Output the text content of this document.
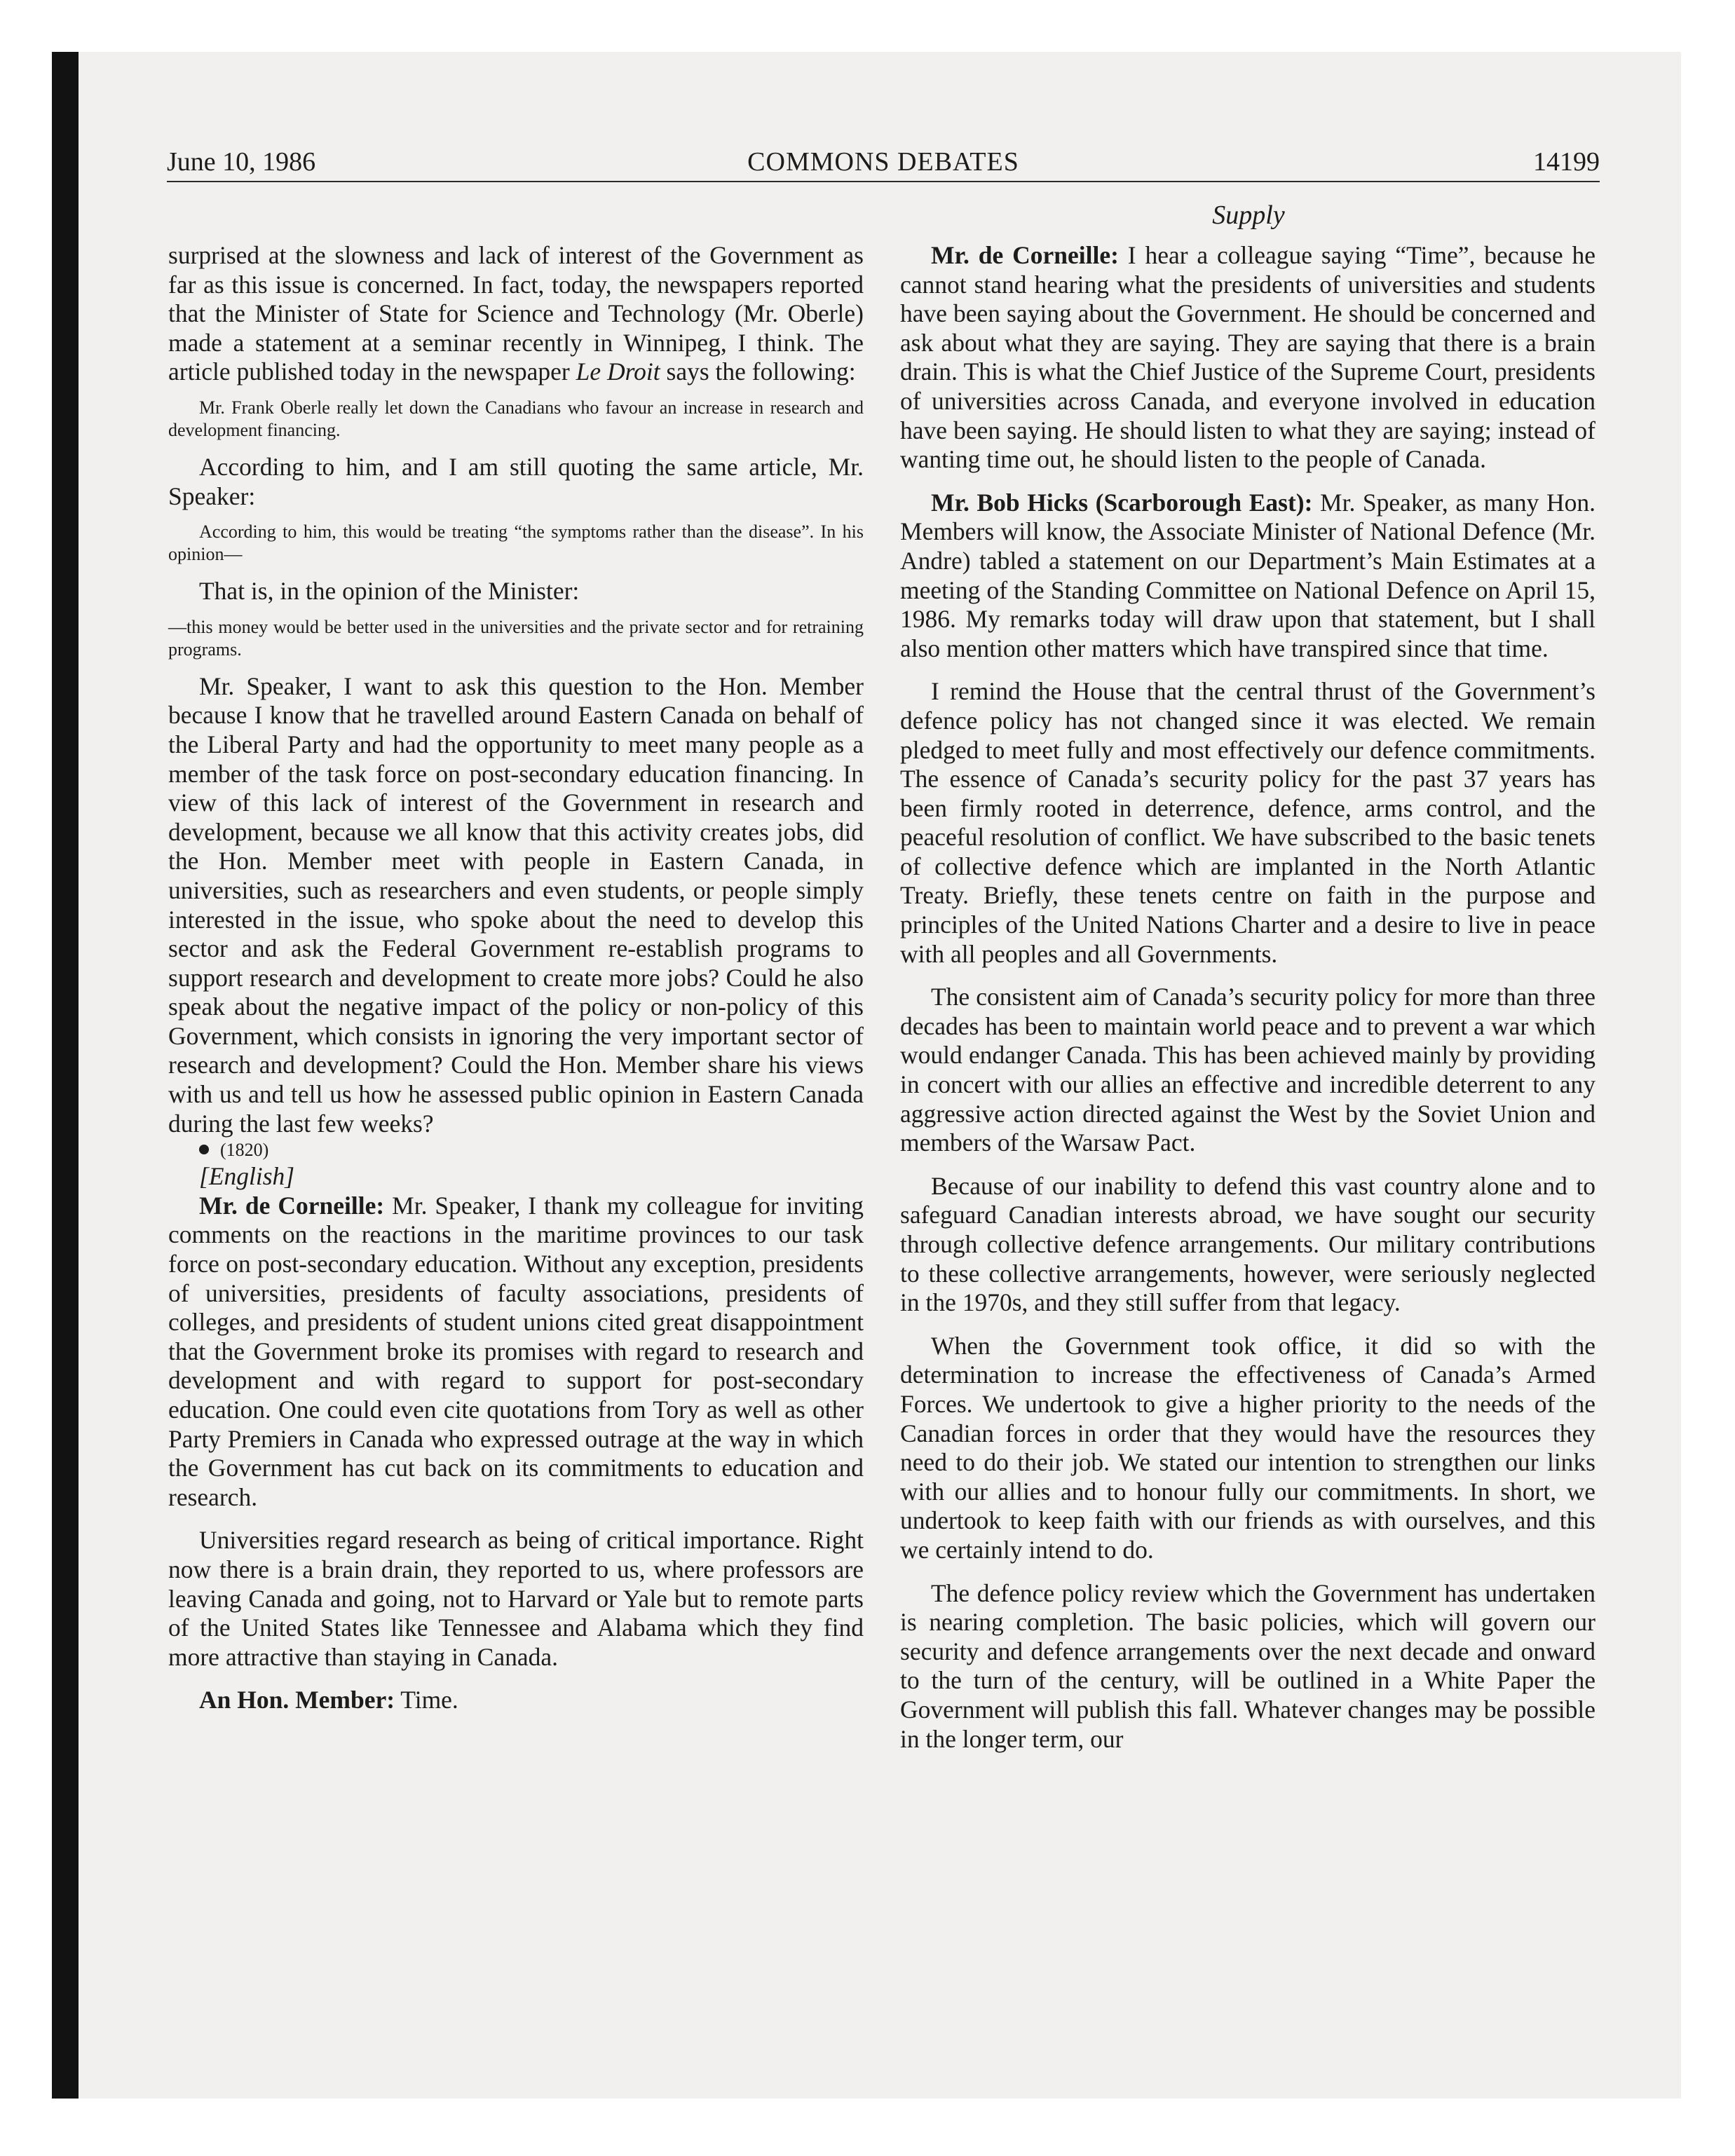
June 10, 1986	COMMONS DEBATES	14199
Supply

surprised at the slowness and lack of interest of the Government as far as this issue is concerned. In fact, today, the newspapers reported that the Minister of State for Science and Technology (Mr. Oberle) made a statement at a seminar recently in Winnipeg, I think. The article published today in the newspaper Le Droit says the following:

Mr. Frank Oberle really let down the Canadians who favour an increase in research and development financing.

According to him, and I am still quoting the same article, Mr. Speaker:

According to him, this would be treating “the symptoms rather than the disease”. In his opinion—

That is, in the opinion of the Minister:

—this money would be better used in the universities and the private sector and for retraining programs.

Mr. Speaker, I want to ask this question to the Hon. Member because I know that he travelled around Eastern Canada on behalf of the Liberal Party and had the opportunity to meet many people as a member of the task force on post-secondary education financing. In view of this lack of interest of the Government in research and development, because we all know that this activity creates jobs, did the Hon. Member meet with people in Eastern Canada, in universities, such as researchers and even students, or people simply interested in the issue, who spoke about the need to develop this sector and ask the Federal Government re-establish programs to support research and development to create more jobs? Could he also speak about the negative impact of the policy or non-policy of this Government, which consists in ignoring the very important sector of research and development? Could the Hon. Member share his views with us and tell us how he assessed public opinion in Eastern Canada during the last few weeks?

(1820)

[English]

Mr. de Corneille: Mr. Speaker, I thank my colleague for inviting comments on the reactions in the maritime provinces to our task force on post-secondary education. Without any exception, presidents of universities, presidents of faculty associations, presidents of colleges, and presidents of student unions cited great disappointment that the Government broke its promises with regard to research and development and with regard to support for post-secondary education. One could even cite quotations from Tory as well as other Party Premiers in Canada who expressed outrage at the way in which the Government has cut back on its commitments to education and research.

Universities regard research as being of critical importance. Right now there is a brain drain, they reported to us, where professors are leaving Canada and going, not to Harvard or Yale but to remote parts of the United States like Tennessee and Alabama which they find more attractive than staying in Canada.

An Hon. Member: Time.

Mr. de Corneille: I hear a colleague saying “Time”, because he cannot stand hearing what the presidents of universities and students have been saying about the Government. He should be concerned and ask about what they are saying. They are saying that there is a brain drain. This is what the Chief Justice of the Supreme Court, presidents of universities across Canada, and everyone involved in education have been saying. He should listen to what they are saying; instead of wanting time out, he should listen to the people of Canada.

Mr. Bob Hicks (Scarborough East): Mr. Speaker, as many Hon. Members will know, the Associate Minister of National Defence (Mr. Andre) tabled a statement on our Department’s Main Estimates at a meeting of the Standing Committee on National Defence on April 15, 1986. My remarks today will draw upon that statement, but I shall also mention other matters which have transpired since that time.

I remind the House that the central thrust of the Government’s defence policy has not changed since it was elected. We remain pledged to meet fully and most effectively our defence commitments. The essence of Canada’s security policy for the past 37 years has been firmly rooted in deterrence, defence, arms control, and the peaceful resolution of conflict. We have subscribed to the basic tenets of collective defence which are implanted in the North Atlantic Treaty. Briefly, these tenets centre on faith in the purpose and principles of the United Nations Charter and a desire to live in peace with all peoples and all Governments.

The consistent aim of Canada’s security policy for more than three decades has been to maintain world peace and to prevent a war which would endanger Canada. This has been achieved mainly by providing in concert with our allies an effective and incredible deterrent to any aggressive action directed against the West by the Soviet Union and members of the Warsaw Pact.

Because of our inability to defend this vast country alone and to safeguard Canadian interests abroad, we have sought our security through collective defence arrangements. Our military contributions to these collective arrangements, however, were seriously neglected in the 1970s, and they still suffer from that legacy.

When the Government took office, it did so with the determination to increase the effectiveness of Canada’s Armed Forces. We undertook to give a higher priority to the needs of the Canadian forces in order that they would have the resources they need to do their job. We stated our intention to strengthen our links with our allies and to honour fully our commitments. In short, we undertook to keep faith with our friends as with ourselves, and this we certainly intend to do.

The defence policy review which the Government has undertaken is nearing completion. The basic policies, which will govern our security and defence arrangements over the next decade and onward to the turn of the century, will be outlined in a White Paper the Government will publish this fall. Whatever changes may be possible in the longer term, our
